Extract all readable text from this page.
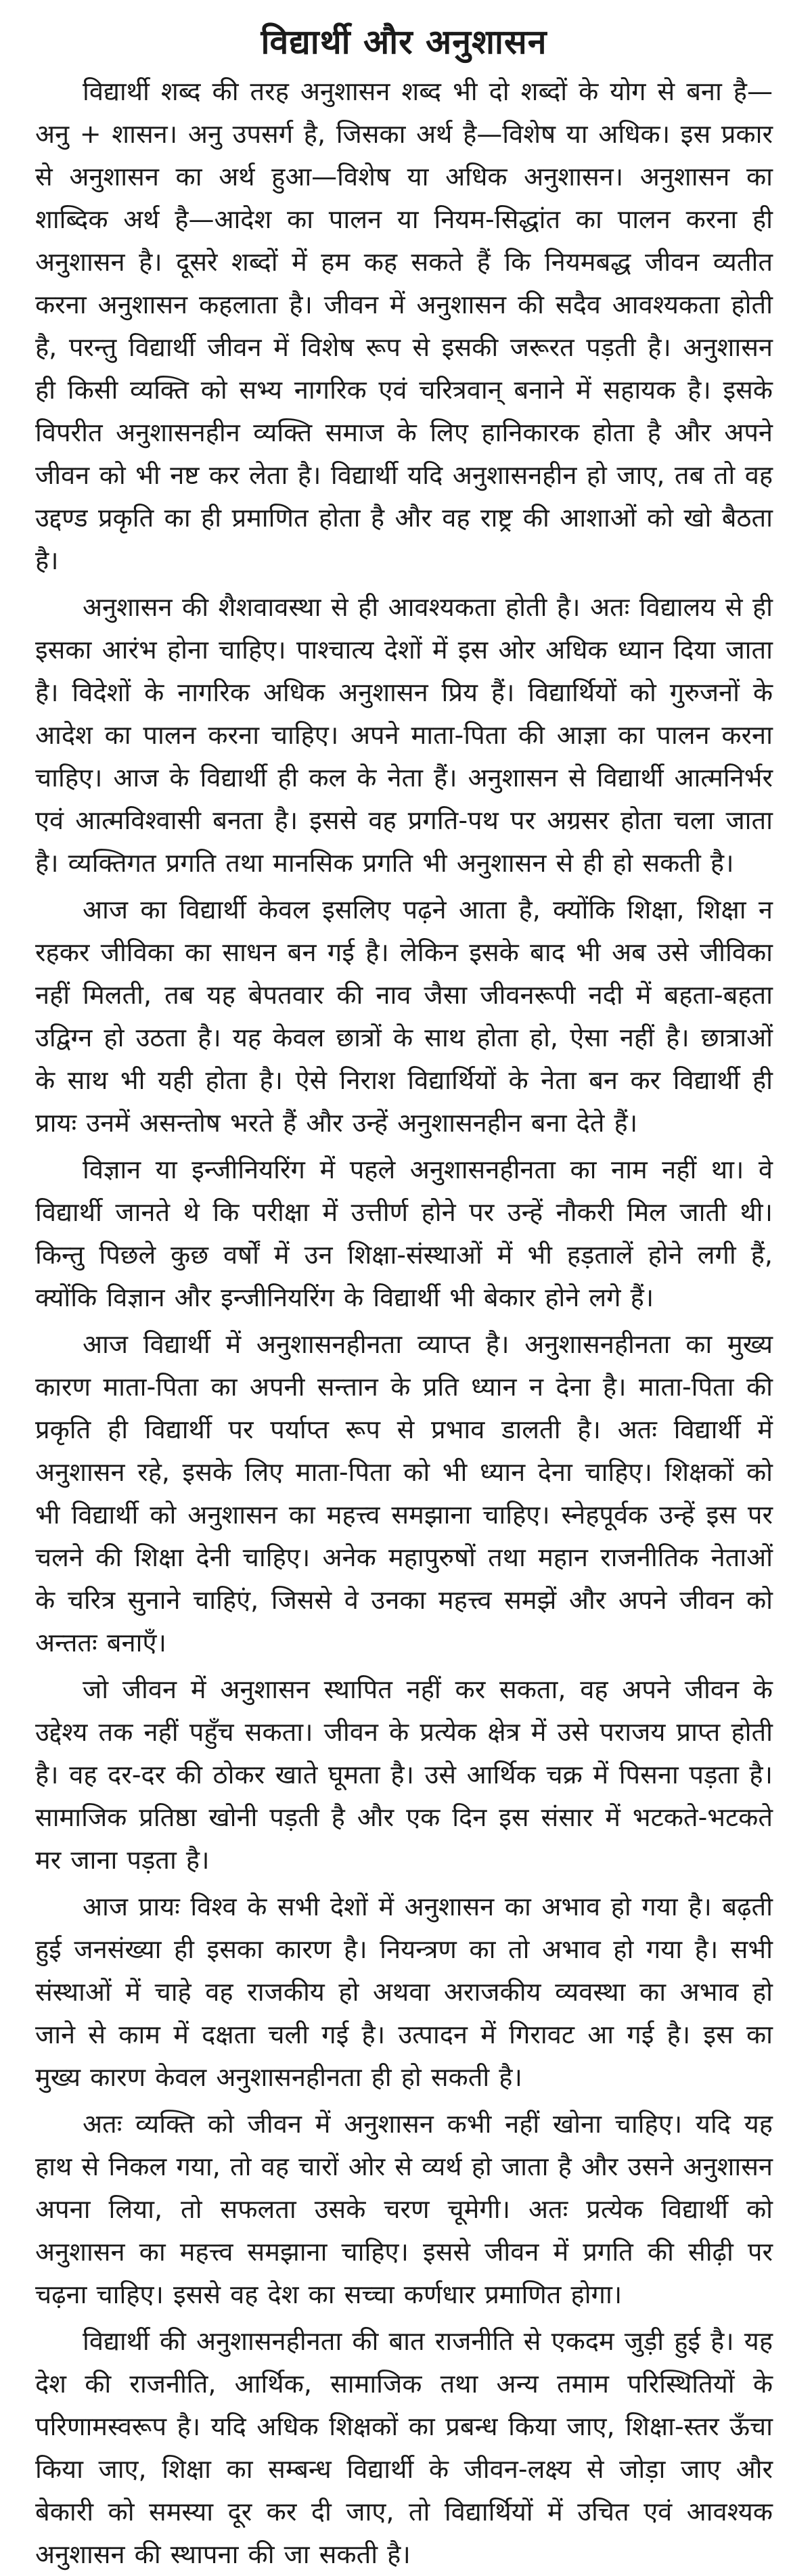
विद्यार्थी और अनुशासन

विद्यार्थी शब्द की तरह अनुशासन शब्द भी दो शब्दों के योग से बना है—अनु + शासन। अनु उपसर्ग है, जिसका अर्थ है—विशेष या अधिक। इस प्रकार से अनुशासन का अर्थ हुआ—विशेष या अधिक अनुशासन। अनुशासन का शाब्दिक अर्थ है—आदेश का पालन या नियम-सिद्धांत का पालन करना ही अनुशासन है। दूसरे शब्दों में हम कह सकते हैं कि नियमबद्ध जीवन व्यतीत करना अनुशासन कहलाता है। जीवन में अनुशासन की सदैव आवश्यकता होती है, परन्तु विद्यार्थी जीवन में विशेष रूप से इसकी जरूरत पड़ती है। अनुशासन ही किसी व्यक्ति को सभ्य नागरिक एवं चरित्रवान् बनाने में सहायक है। इसके विपरीत अनुशासनहीन व्यक्ति समाज के लिए हानिकारक होता है और अपने जीवन को भी नष्ट कर लेता है। विद्यार्थी यदि अनुशासनहीन हो जाए, तब तो वह उद्दण्ड प्रकृति का ही प्रमाणित होता है और वह राष्ट्र की आशाओं को खो बैठता है।

अनुशासन की शैशवावस्था से ही आवश्यकता होती है। अतः विद्यालय से ही इसका आरंभ होना चाहिए। पाश्चात्य देशों में इस ओर अधिक ध्यान दिया जाता है। विदेशों के नागरिक अधिक अनुशासन प्रिय हैं। विद्यार्थियों को गुरुजनों के आदेश का पालन करना चाहिए। अपने माता-पिता की आज्ञा का पालन करना चाहिए। आज के विद्यार्थी ही कल के नेता हैं। अनुशासन से विद्यार्थी आत्मनिर्भर एवं आत्मविश्वासी बनता है। इससे वह प्रगति-पथ पर अग्रसर होता चला जाता है। व्यक्तिगत प्रगति तथा मानसिक प्रगति भी अनुशासन से ही हो सकती है।

आज का विद्यार्थी केवल इसलिए पढ़ने आता है, क्योंकि शिक्षा, शिक्षा न रहकर जीविका का साधन बन गई है। लेकिन इसके बाद भी अब उसे जीविका नहीं मिलती, तब यह बेपतवार की नाव जैसा जीवनरूपी नदी में बहता-बहता उद्विग्न हो उठता है। यह केवल छात्रों के साथ होता हो, ऐसा नहीं है। छात्राओं के साथ भी यही होता है। ऐसे निराश विद्यार्थियों के नेता बन कर विद्यार्थी ही प्रायः उनमें असन्तोष भरते हैं और उन्हें अनुशासनहीन बना देते हैं।

विज्ञान या इन्जीनियरिंग में पहले अनुशासनहीनता का नाम नहीं था। वे विद्यार्थी जानते थे कि परीक्षा में उत्तीर्ण होने पर उन्हें नौकरी मिल जाती थी। किन्तु पिछले कुछ वर्षों में उन शिक्षा-संस्थाओं में भी हड़तालें होने लगी हैं, क्योंकि विज्ञान और इन्जीनियरिंग के विद्यार्थी भी बेकार होने लगे हैं।

आज विद्यार्थी में अनुशासनहीनता व्याप्त है। अनुशासनहीनता का मुख्य कारण माता-पिता का अपनी सन्तान के प्रति ध्यान न देना है। माता-पिता की प्रकृति ही विद्यार्थी पर पर्याप्त रूप से प्रभाव डालती है। अतः विद्यार्थी में अनुशासन रहे, इसके लिए माता-पिता को भी ध्यान देना चाहिए। शिक्षकों को भी विद्यार्थी को अनुशासन का महत्त्व समझाना चाहिए। स्नेहपूर्वक उन्हें इस पर चलने की शिक्षा देनी चाहिए। अनेक महापुरुषों तथा महान राजनीतिक नेताओं के चरित्र सुनाने चाहिएं, जिससे वे उनका महत्त्व समझें और अपने जीवन को अन्ततः बनाएँ।

जो जीवन में अनुशासन स्थापित नहीं कर सकता, वह अपने जीवन के उद्देश्य तक नहीं पहुँच सकता। जीवन के प्रत्येक क्षेत्र में उसे पराजय प्राप्त होती है। वह दर-दर की ठोकर खाते घूमता है। उसे आर्थिक चक्र में पिसना पड़ता है। सामाजिक प्रतिष्ठा खोनी पड़ती है और एक दिन इस संसार में भटकते-भटकते मर जाना पड़ता है।

आज प्रायः विश्व के सभी देशों में अनुशासन का अभाव हो गया है। बढ़ती हुई जनसंख्या ही इसका कारण है। नियन्त्रण का तो अभाव हो गया है। सभी संस्थाओं में चाहे वह राजकीय हो अथवा अराजकीय व्यवस्था का अभाव हो जाने से काम में दक्षता चली गई है। उत्पादन में गिरावट आ गई है। इस का मुख्य कारण केवल अनुशासनहीनता ही हो सकती है।

अतः व्यक्ति को जीवन में अनुशासन कभी नहीं खोना चाहिए। यदि यह हाथ से निकल गया, तो वह चारों ओर से व्यर्थ हो जाता है और उसने अनुशासन अपना लिया, तो सफलता उसके चरण चूमेगी। अतः प्रत्येक विद्यार्थी को अनुशासन का महत्त्व समझाना चाहिए। इससे जीवन में प्रगति की सीढ़ी पर चढ़ना चाहिए। इससे वह देश का सच्चा कर्णधार प्रमाणित होगा।

विद्यार्थी की अनुशासनहीनता की बात राजनीति से एकदम जुड़ी हुई है। यह देश की राजनीति, आर्थिक, सामाजिक तथा अन्य तमाम परिस्थितियों के परिणामस्वरूप है। यदि अधिक शिक्षकों का प्रबन्ध किया जाए, शिक्षा-स्तर ऊँचा किया जाए, शिक्षा का सम्बन्ध विद्यार्थी के जीवन-लक्ष्य से जोड़ा जाए और बेकारी को समस्या दूर कर दी जाए, तो विद्यार्थियों में उचित एवं आवश्यक अनुशासन की स्थापना की जा सकती है।
